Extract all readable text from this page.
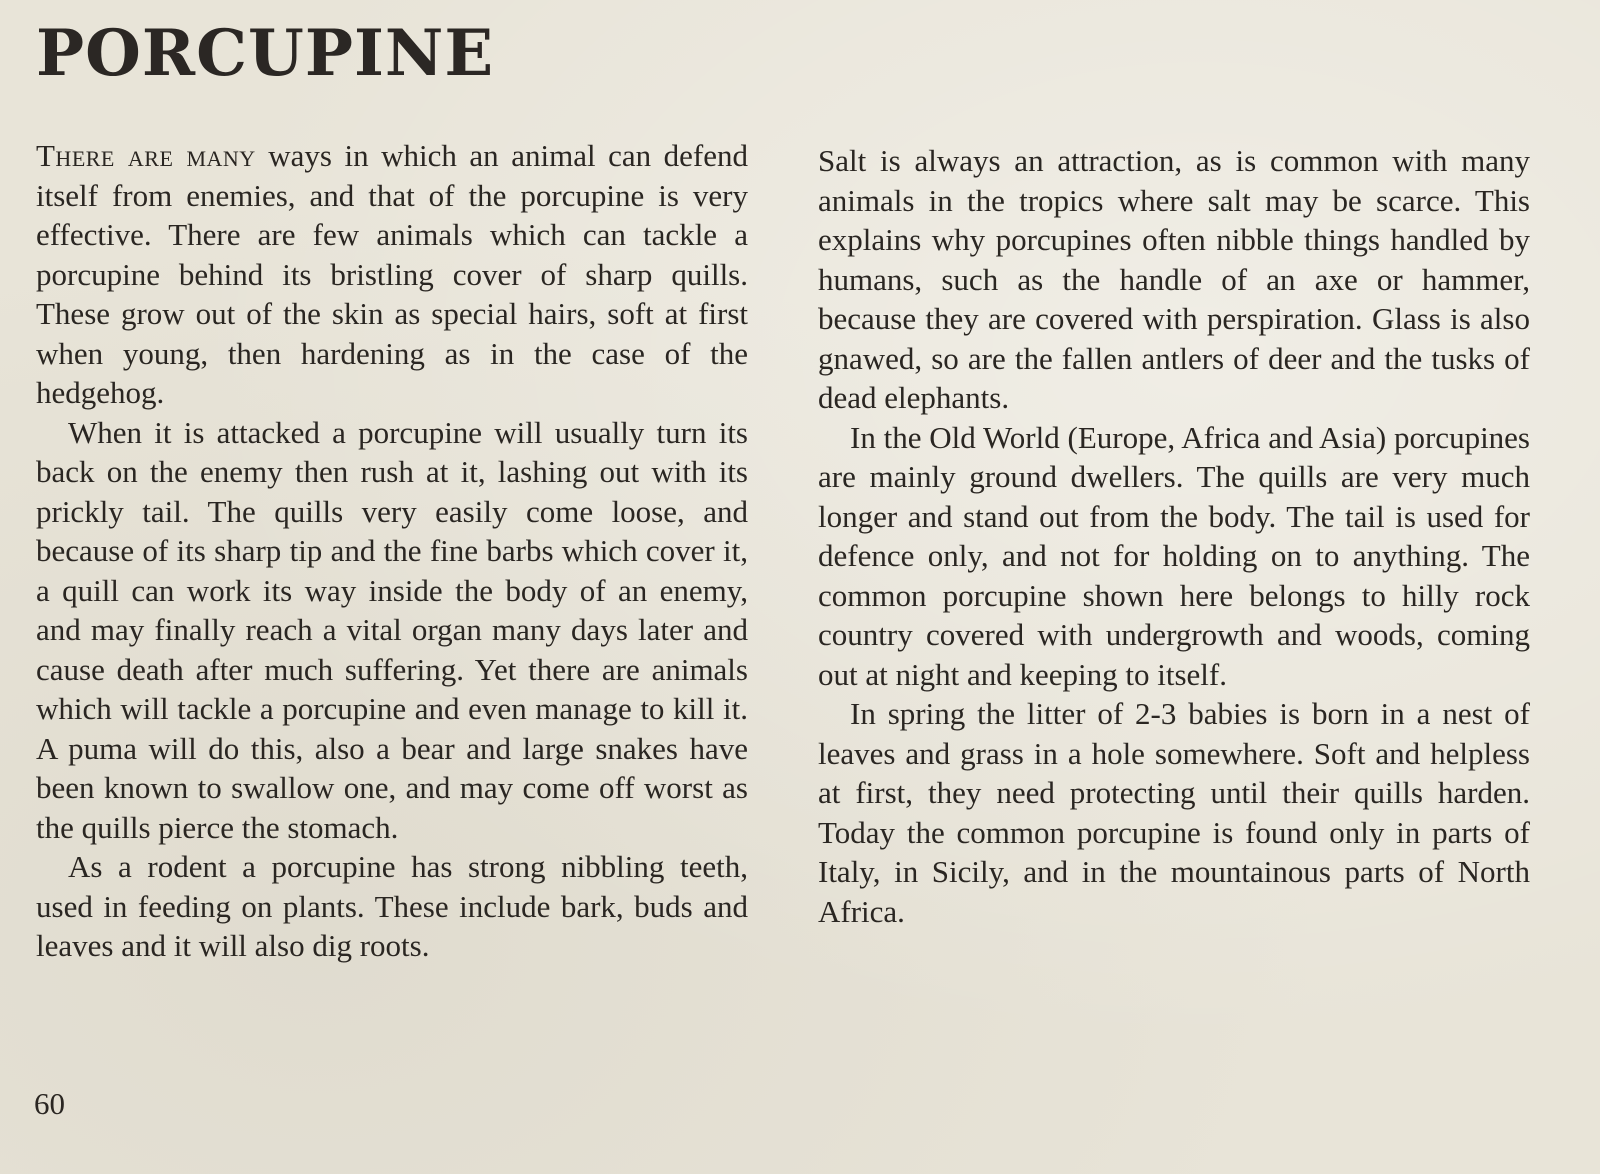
PORCUPINE

There are many ways in which an animal can defend itself from enemies, and that of the porcupine is very effective. There are few animals which can tackle a porcupine behind its bristling cover of sharp quills. These grow out of the skin as special hairs, soft at first when young, then hardening as in the case of the hedgehog.

When it is attacked a porcupine will usually turn its back on the enemy then rush at it, lashing out with its prickly tail. The quills very easily come loose, and because of its sharp tip and the fine barbs which cover it, a quill can work its way inside the body of an enemy, and may finally reach a vital organ many days later and cause death after much suffering. Yet there are animals which will tackle a porcupine and even manage to kill it. A puma will do this, also a bear and large snakes have been known to swallow one, and may come off worst as the quills pierce the stomach.

As a rodent a porcupine has strong nibbling teeth, used in feeding on plants. These include bark, buds and leaves and it will also dig roots.

Salt is always an attraction, as is common with many animals in the tropics where salt may be scarce. This explains why porcupines often nibble things handled by humans, such as the handle of an axe or hammer, because they are covered with perspiration. Glass is also gnawed, so are the fallen antlers of deer and the tusks of dead elephants.

In the Old World (Europe, Africa and Asia) porcupines are mainly ground dwellers. The quills are very much longer and stand out from the body. The tail is used for defence only, and not for holding on to anything. The common porcupine shown here belongs to hilly rock country covered with undergrowth and woods, coming out at night and keeping to itself.

In spring the litter of 2-3 babies is born in a nest of leaves and grass in a hole somewhere. Soft and helpless at first, they need protecting until their quills harden. Today the common porcupine is found only in parts of Italy, in Sicily, and in the mountainous parts of North Africa.

60
